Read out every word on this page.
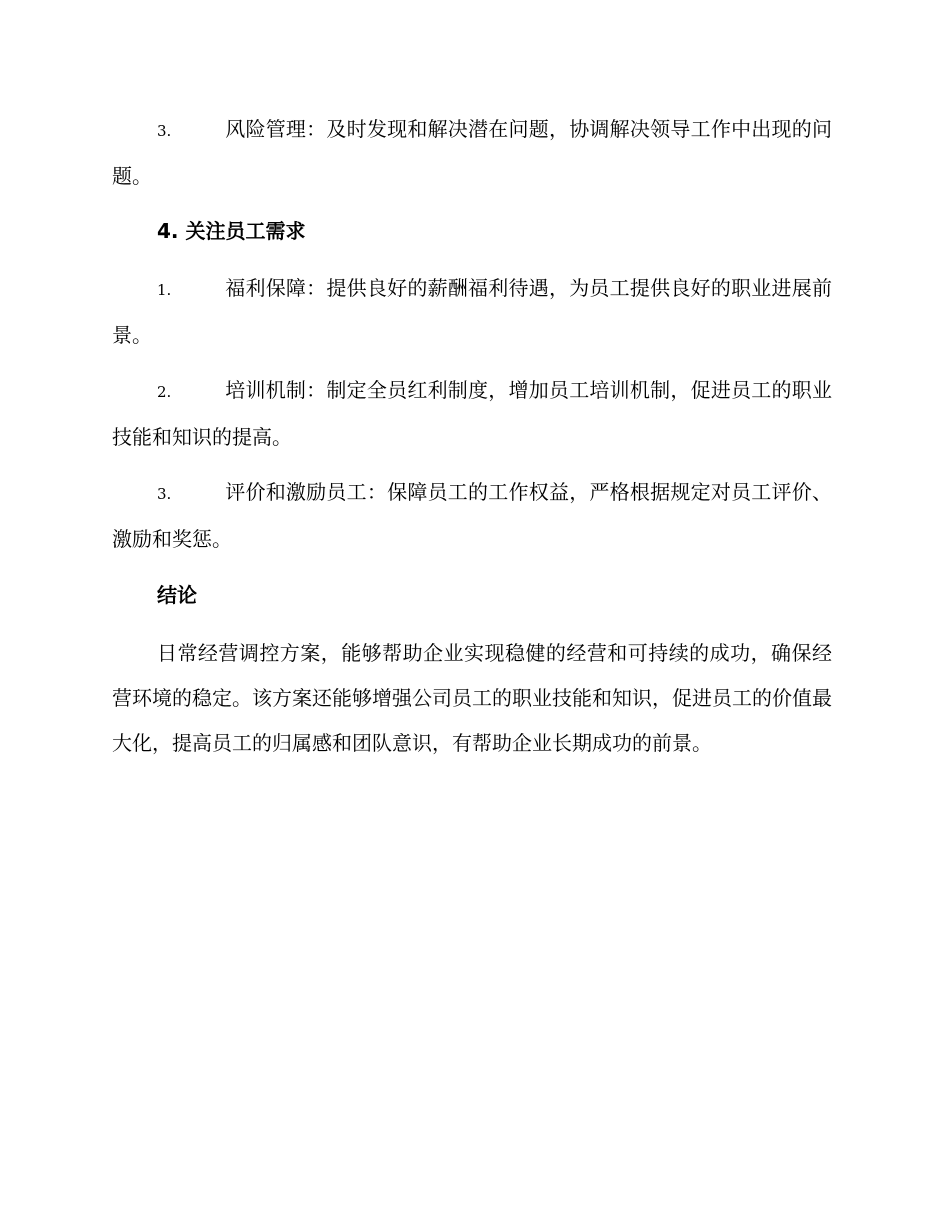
3.	风险管理：及时发现和解决潜在问题，协调解决领导工作中出现的问题。

4. 关注员工需求

1.	福利保障：提供良好的薪酬福利待遇，为员工提供良好的职业进展前景。

2.	培训机制：制定全员红利制度，增加员工培训机制，促进员工的职业技能和知识的提高。

3.	评价和激励员工：保障员工的工作权益，严格根据规定对员工评价、激励和奖惩。

结论

日常经营调控方案，能够帮助企业实现稳健的经营和可持续的成功，确保经营环境的稳定。该方案还能够增强公司员工的职业技能和知识，促进员工的价值最大化，提高员工的归属感和团队意识，有帮助企业长期成功的前景。
